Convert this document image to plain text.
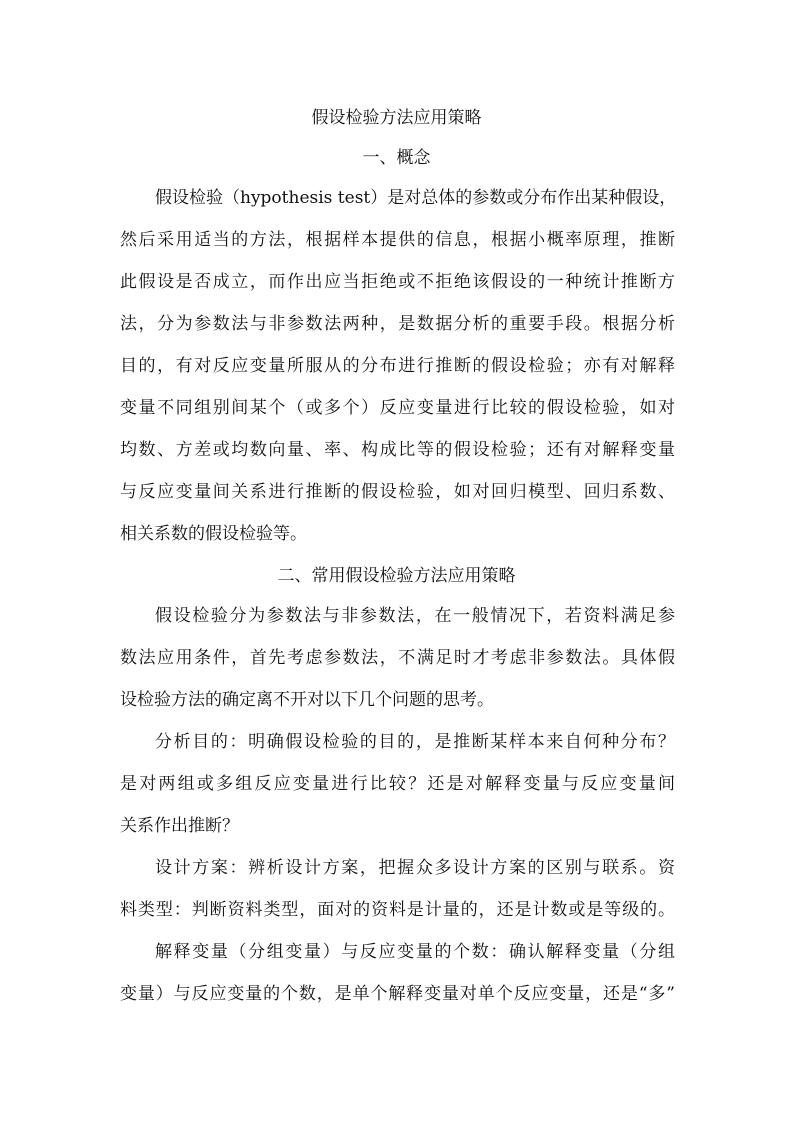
假设检验方法应用策略
一、概念
假设检验（hypothesis test）是对总体的参数或分布作出某种假设，
然后采用适当的方法，根据样本提供的信息，根据小概率原理，推断
此假设是否成立，而作出应当拒绝或不拒绝该假设的一种统计推断方
法，分为参数法与非参数法两种，是数据分析的重要手段。根据分析
目的，有对反应变量所服从的分布进行推断的假设检验；亦有对解释
变量不同组别间某个（或多个）反应变量进行比较的假设检验，如对
均数、方差或均数向量、率、构成比等的假设检验；还有对解释变量
与反应变量间关系进行推断的假设检验，如对回归模型、回归系数、
相关系数的假设检验等。
二、常用假设检验方法应用策略
假设检验分为参数法与非参数法，在一般情况下，若资料满足参
数法应用条件，首先考虑参数法，不满足时才考虑非参数法。具体假
设检验方法的确定离不开对以下几个问题的思考。
分析目的：明确假设检验的目的，是推断某样本来自何种分布？
是对两组或多组反应变量进行比较？还是对解释变量与反应变量间
关系作出推断？
设计方案：辨析设计方案，把握众多设计方案的区别与联系。资
料类型：判断资料类型，面对的资料是计量的，还是计数或是等级的。
解释变量（分组变量）与反应变量的个数：确认解释变量（分组
变量）与反应变量的个数，是单个解释变量对单个反应变量，还是“多”
